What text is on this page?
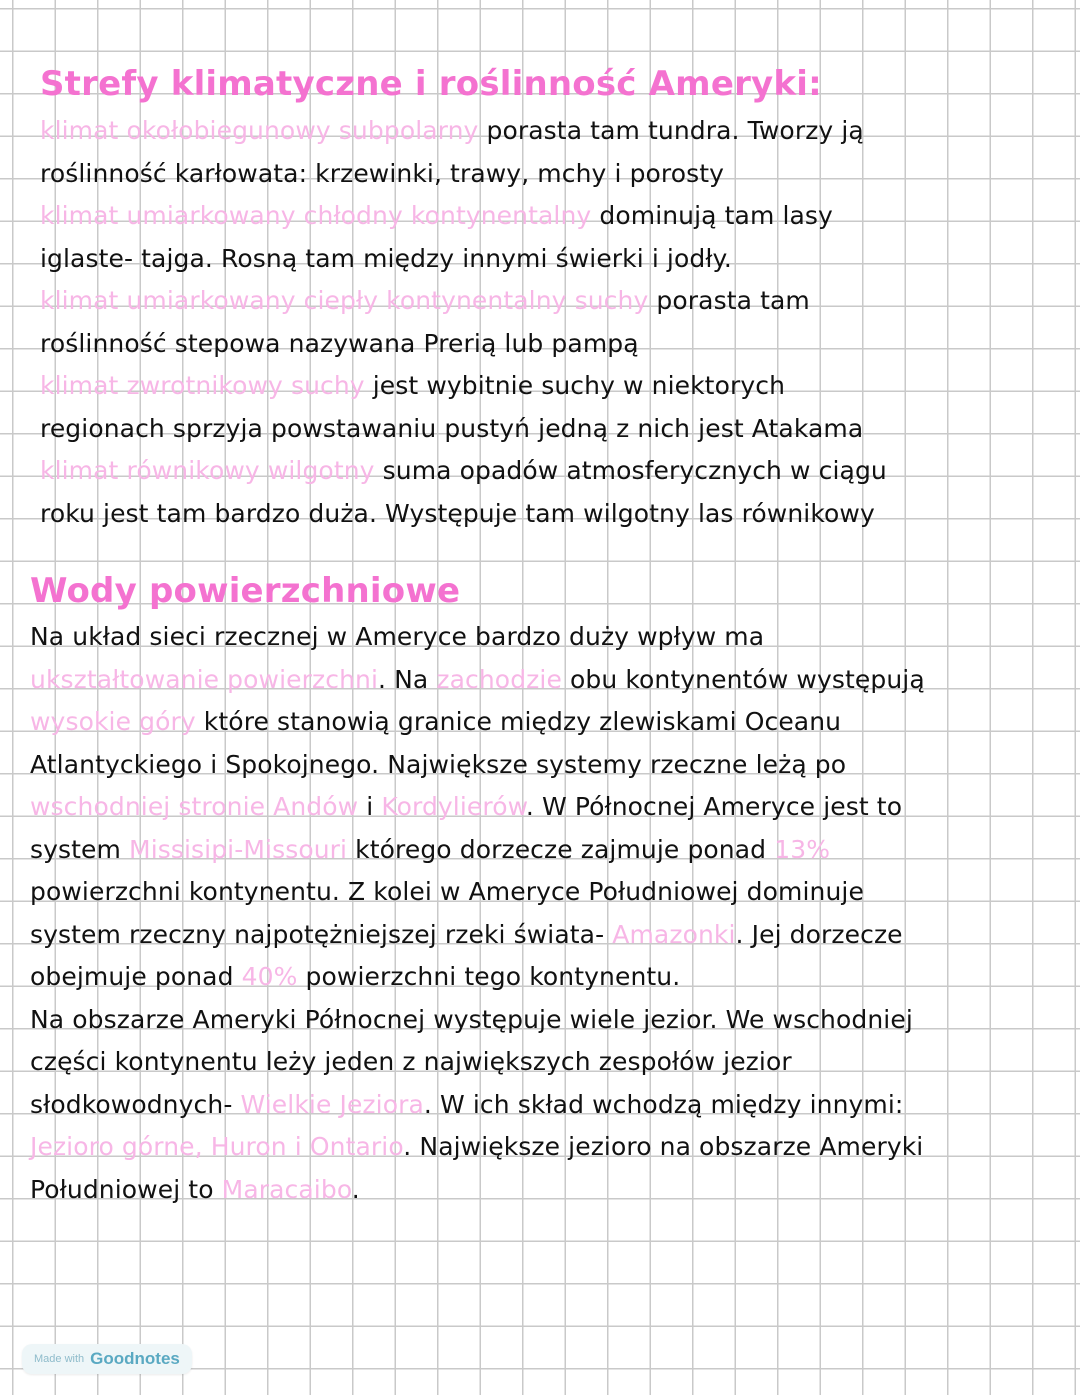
Strefy klimatyczne i roślinność Ameryki:
klimat okołobiegunowy subpolarny porasta tam tundra. Tworzy ją
roślinność karłowata: krzewinki, trawy, mchy i porosty
klimat umiarkowany chłodny kontynentalny dominują tam lasy
iglaste- tajga. Rosną tam między innymi świerki i jodły.
klimat umiarkowany ciepły kontynentalny suchy porasta tam
roślinność stepowa nazywana Prerią lub pampą
klimat zwrotnikowy suchy jest wybitnie suchy w niektorych
regionach sprzyja powstawaniu pustyń jedną z nich jest Atakama
klimat równikowy wilgotny suma opadów atmosferycznych w ciągu
roku jest tam bardzo duża. Występuje tam wilgotny las równikowy
Wody powierzchniowe
Na układ sieci rzecznej w Ameryce bardzo duży wpływ ma
ukształtowanie powierzchni. Na zachodzie obu kontynentów występują
wysokie góry które stanowią granice między zlewiskami Oceanu
Atlantyckiego i Spokojnego. Największe systemy rzeczne leżą po
wschodniej stronie Andów i Kordylierów. W Północnej Ameryce jest to
system Missisipi-Missouri którego dorzecze zajmuje ponad 13%
powierzchni kontynentu. Z kolei w Ameryce Południowej dominuje
system rzeczny najpotężniejszej rzeki świata- Amazonki. Jej dorzecze
obejmuje ponad 40% powierzchni tego kontynentu.
Na obszarze Ameryki Północnej występuje wiele jezior. We wschodniej
części kontynentu leży jeden z największych zespołów jezior
słodkowodnych- Wielkie Jeziora. W ich skład wchodzą między innymi:
Jezioro górne, Huron i Ontario. Największe jezioro na obszarze Ameryki
Południowej to Maracaibo.
Made with Goodnotes
